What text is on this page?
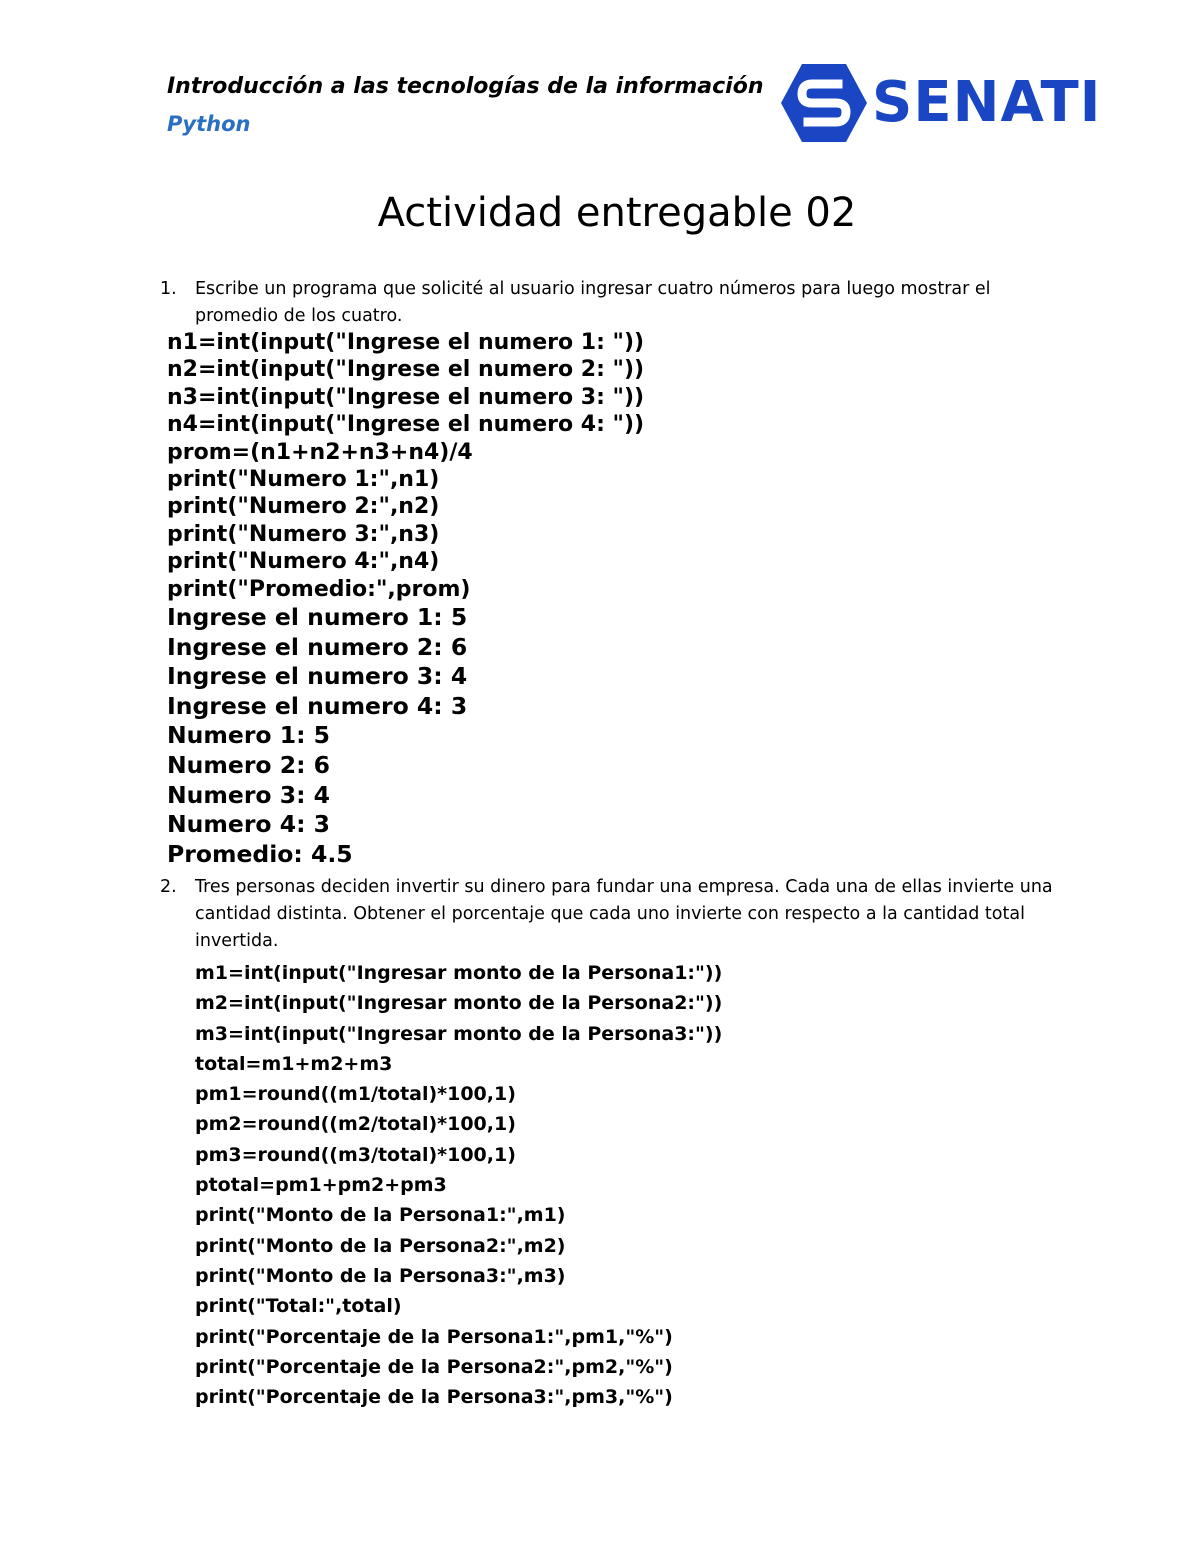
Introducción a las tecnologías de la información
Python	SENATI
Actividad entregable 02
1. Escribe un programa que solicité al usuario ingresar cuatro números para luego mostrar el promedio de los cuatro.
n1=int(input("Ingrese el numero 1: "))
n2=int(input("Ingrese el numero 2: "))
n3=int(input("Ingrese el numero 3: "))
n4=int(input("Ingrese el numero 4: "))
prom=(n1+n2+n3+n4)/4
print("Numero 1:",n1)
print("Numero 2:",n2)
print("Numero 3:",n3)
print("Numero 4:",n4)
print("Promedio:",prom)
Ingrese el numero 1: 5
Ingrese el numero 2: 6
Ingrese el numero 3: 4
Ingrese el numero 4: 3
Numero 1: 5
Numero 2: 6
Numero 3: 4
Numero 4: 3
Promedio: 4.5
2. Tres personas deciden invertir su dinero para fundar una empresa. Cada una de ellas invierte una cantidad distinta. Obtener el porcentaje que cada uno invierte con respecto a la cantidad total invertida.
m1=int(input("Ingresar monto de la Persona1:"))
m2=int(input("Ingresar monto de la Persona2:"))
m3=int(input("Ingresar monto de la Persona3:"))
total=m1+m2+m3
pm1=round((m1/total)*100,1)
pm2=round((m2/total)*100,1)
pm3=round((m3/total)*100,1)
ptotal=pm1+pm2+pm3
print("Monto de la Persona1:",m1)
print("Monto de la Persona2:",m2)
print("Monto de la Persona3:",m3)
print("Total:",total)
print("Porcentaje de la Persona1:",pm1,"%")
print("Porcentaje de la Persona2:",pm2,"%")
print("Porcentaje de la Persona3:",pm3,"%")
